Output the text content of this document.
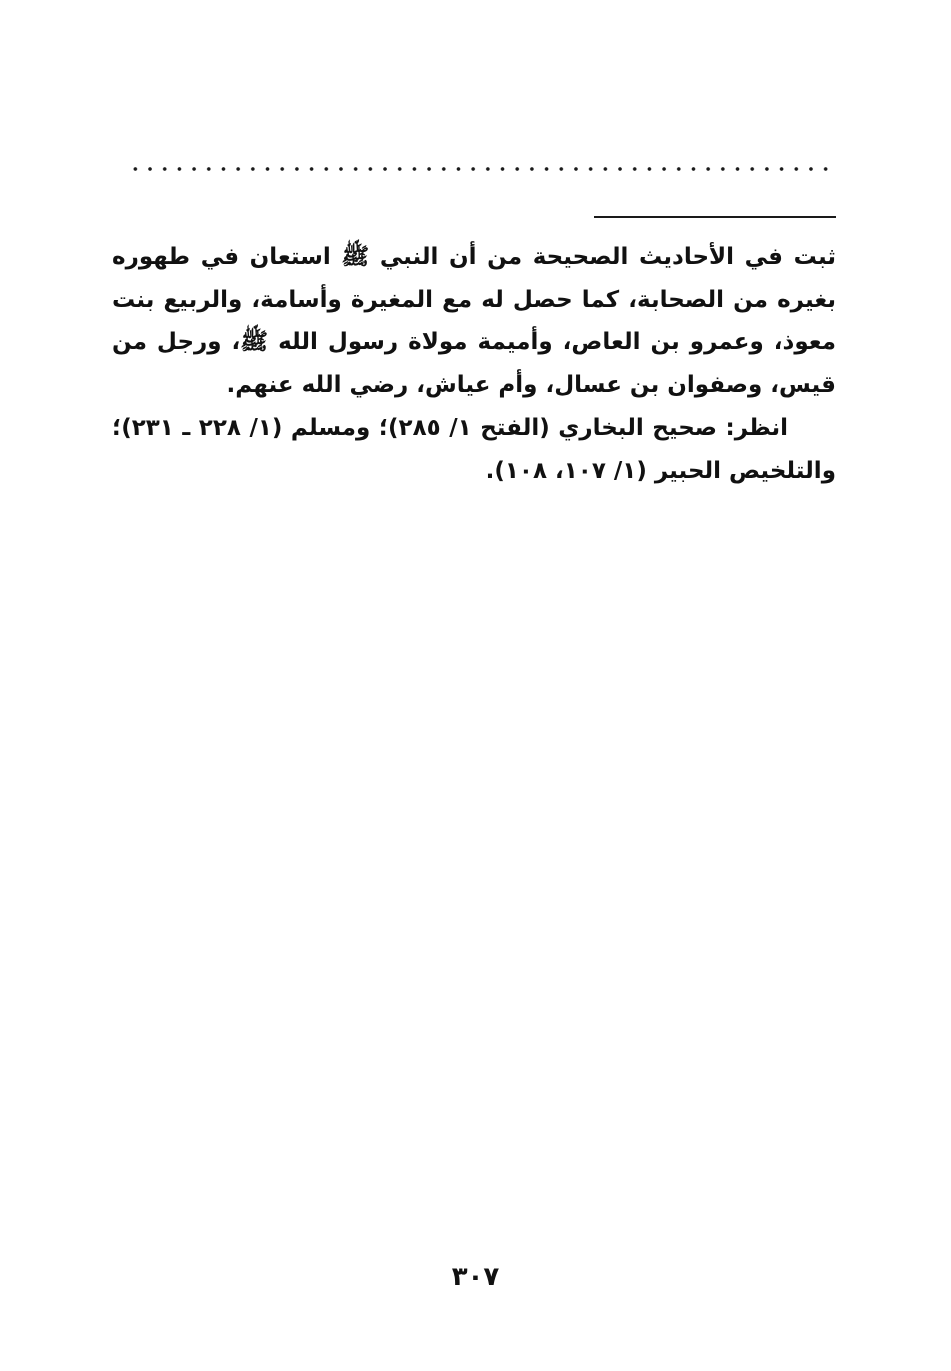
ثبت في الأحاديث الصحيحة من أن النبي ﷺ استعان في طهوره بغيره من الصحابة، كما حصل له مع المغيرة وأسامة، والربيع بنت معوذ، وعمرو بن العاص، وأميمة مولاة رسول الله ﷺ، ورجل من قيس، وصفوان بن عسال، وأم عياش، رضي الله عنهم.

انظر: صحيح البخاري (الفتح ١/ ٢٨٥)؛ ومسلم (١/ ٢٢٨ ـ ٢٣١)؛ والتلخيص الحبير (١/ ١٠٧، ١٠٨).

٣٠٧
